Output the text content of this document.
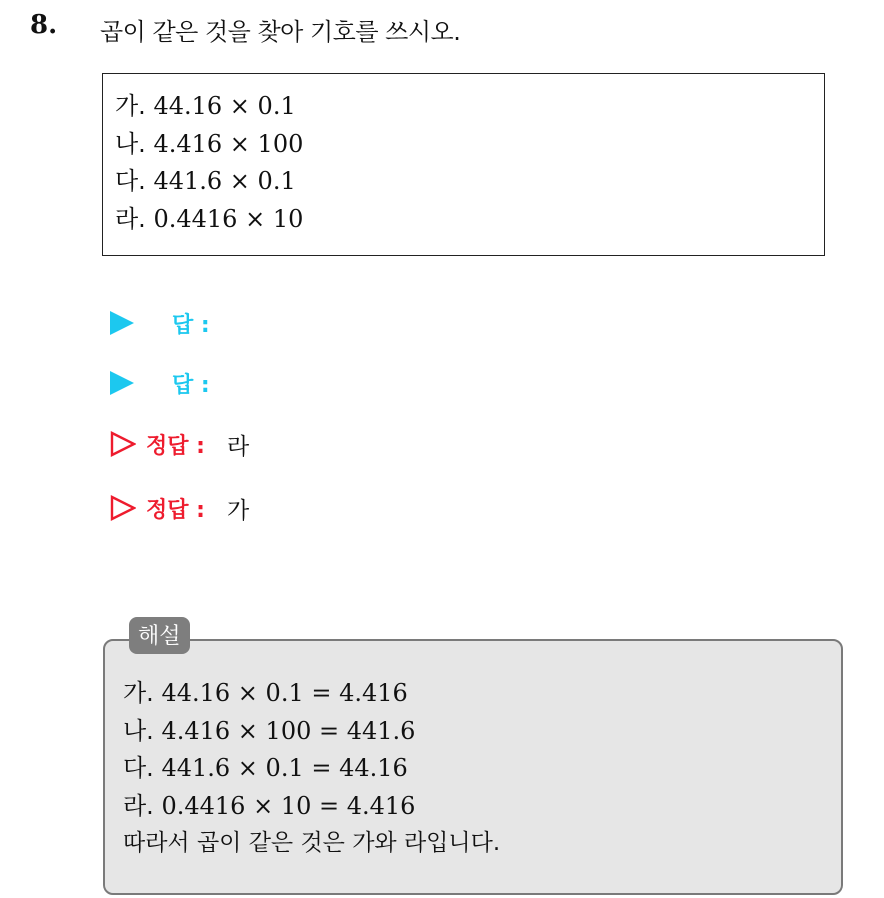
8. 곱이 같은 것을 찾아 기호를 쓰시오.
가. 44.16 × 0.1
나. 4.416 × 100
다. 441.6 × 0.1
라. 0.4416 × 10
답 :
답 :
정답 : 라
정답 : 가
가. 44.16 × 0.1 = 4.416
나. 4.416 × 100 = 441.6
다. 441.6 × 0.1 = 44.16
라. 0.4416 × 10 = 4.416
따라서 곱이 같은 것은 가와 라입니다.
해설
